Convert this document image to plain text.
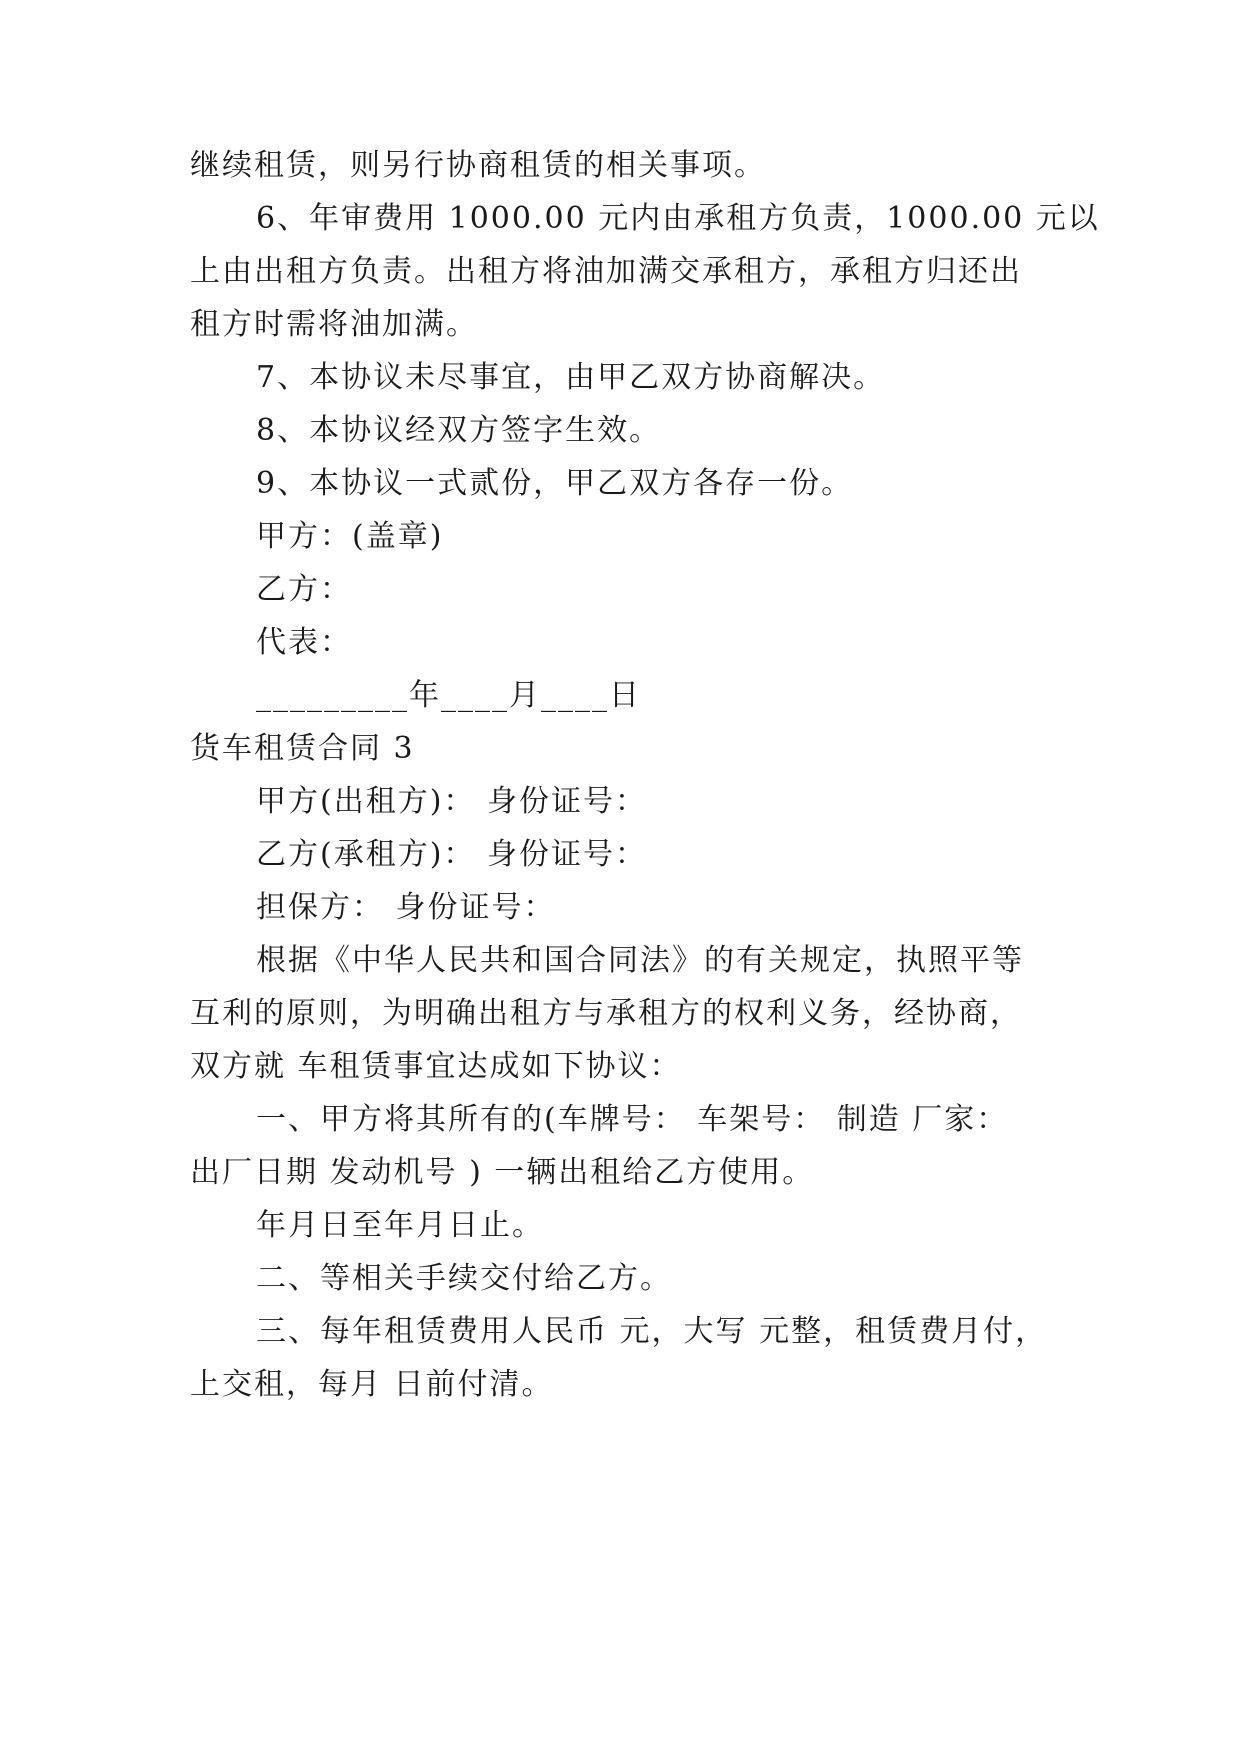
继续租赁，则另行协商租赁的相关事项。
6、年审费用 1000.00 元内由承租方负责，1000.00 元以
上由出租方负责。出租方将油加满交承租方，承租方归还出
租方时需将油加满。
7、本协议未尽事宜，由甲乙双方协商解决。
8、本协议经双方签字生效。
9、本协议一式贰份，甲乙双方各存一份。
甲方：(盖章)
乙方：
代表：
_________年____月____日
货车租赁合同 3
甲方(出租方)： 身份证号：
乙方(承租方)： 身份证号：
担保方： 身份证号：
根据《中华人民共和国合同法》的有关规定，执照平等
互利的原则，为明确出租方与承租方的权利义务，经协商，
双方就 车租赁事宜达成如下协议：
一、甲方将其所有的(车牌号： 车架号： 制造 厂家：
出厂日期 发动机号 ) 一辆出租给乙方使用。
年月日至年月日止。
二、等相关手续交付给乙方。
三、每年租赁费用人民币 元，大写 元整，租赁费月付，
上交租，每月 日前付清。
